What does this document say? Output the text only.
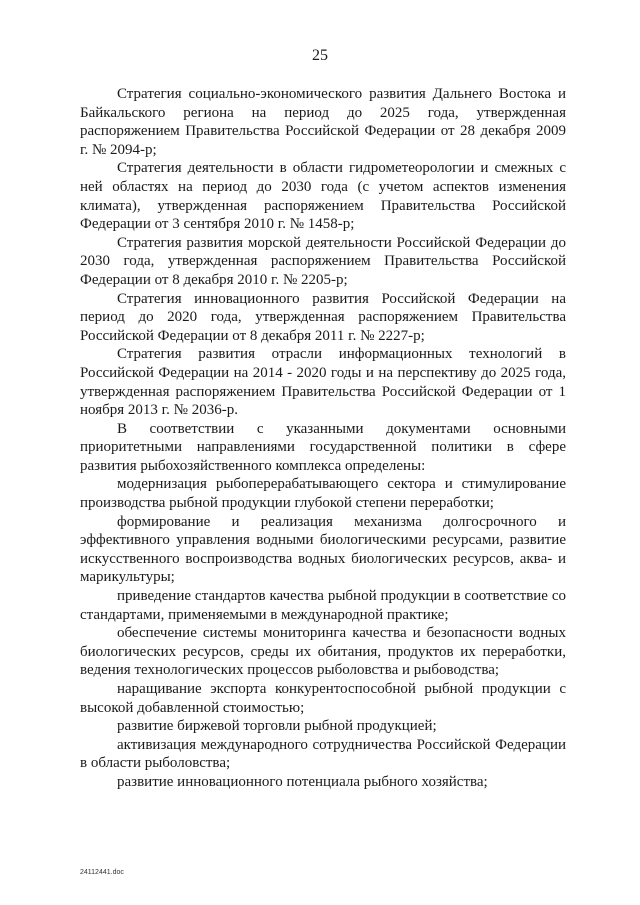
25

Стратегия социально-экономического развития Дальнего Востока и Байкальского региона на период до 2025 года, утвержденная распоряжением Правительства Российской Федерации от 28 декабря 2009 г. № 2094-р;

Стратегия деятельности в области гидрометеорологии и смежных с ней областях на период до 2030 года (с учетом аспектов изменения климата), утвержденная распоряжением Правительства Российской Федерации от 3 сентября 2010 г. № 1458-р;

Стратегия развития морской деятельности Российской Федерации до 2030 года, утвержденная распоряжением Правительства Российской Федерации от 8 декабря 2010 г. № 2205-р;

Стратегия инновационного развития Российской Федерации на период до 2020 года, утвержденная распоряжением Правительства Российской Федерации от 8 декабря 2011 г. № 2227-р;

Стратегия развития отрасли информационных технологий в Российской Федерации на 2014 - 2020 годы и на перспективу до 2025 года, утвержденная распоряжением Правительства Российской Федерации от 1 ноября 2013 г. № 2036-р.

В соответствии с указанными документами основными приоритетными направлениями государственной политики в сфере развития рыбохозяйственного комплекса определены:

модернизация рыбоперерабатывающего сектора и стимулирование производства рыбной продукции глубокой степени переработки;

формирование и реализация механизма долгосрочного и эффективного управления водными биологическими ресурсами, развитие искусственного воспроизводства водных биологических ресурсов, аква- и марикультуры;

приведение стандартов качества рыбной продукции в соответствие со стандартами, применяемыми в международной практике;

обеспечение системы мониторинга качества и безопасности водных биологических ресурсов, среды их обитания, продуктов их переработки, ведения технологических процессов рыболовства и рыбоводства;

наращивание экспорта конкурентоспособной рыбной продукции с высокой добавленной стоимостью;

развитие биржевой торговли рыбной продукцией;

активизация международного сотрудничества Российской Федерации в области рыболовства;

развитие инновационного потенциала рыбного хозяйства;

24112441.doc
